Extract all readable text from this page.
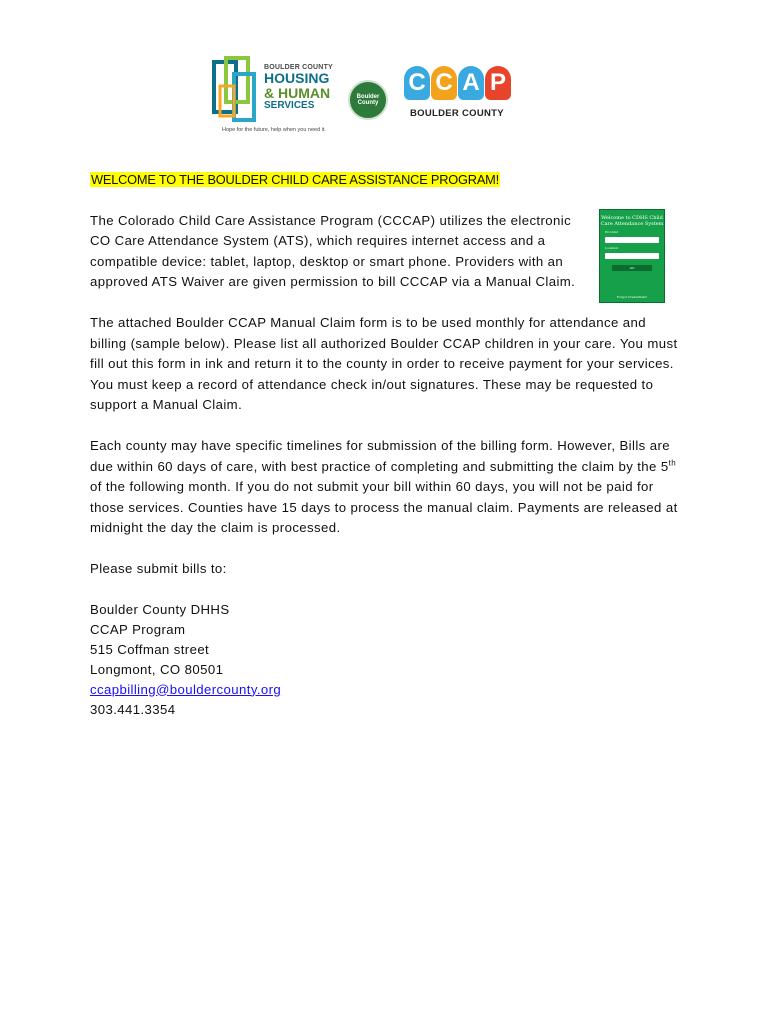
BOULDER COUNTY
HOUSING
& HUMAN
SERVICES
Hope for the future, help when you need it.
Boulder
County
C C A P
BOULDER COUNTY
Welcome to CDHS Child Care Attendance System
Provider
Location
GO
Forgot Credentials?

WELCOME TO THE BOULDER CHILD CARE ASSISTANCE PROGRAM!

The Colorado Child Care Assistance Program (CCCAP) utilizes the electronic CO Care Attendance System (ATS), which requires internet access and a compatible device: tablet, laptop, desktop or smart phone. Providers with an approved ATS Waiver are given permission to bill CCCAP via a Manual Claim.

The attached Boulder CCAP Manual Claim form is to be used monthly for attendance and billing (sample below). Please list all authorized Boulder CCAP children in your care. You must fill out this form in ink and return it to the county in order to receive payment for your services. You must keep a record of attendance check in/out signatures. These may be requested to support a Manual Claim.

Each county may have specific timelines for submission of the billing form. However, Bills are due within 60 days of care, with best practice of completing and submitting the claim by the 5th of the following month. If you do not submit your bill within 60 days, you will not be paid for those services. Counties have 15 days to process the manual claim. Payments are released at midnight the day the claim is processed.

Please submit bills to:

Boulder County DHHS
CCAP Program
515 Coffman street
Longmont, CO 80501
ccapbilling@bouldercounty.org
303.441.3354
